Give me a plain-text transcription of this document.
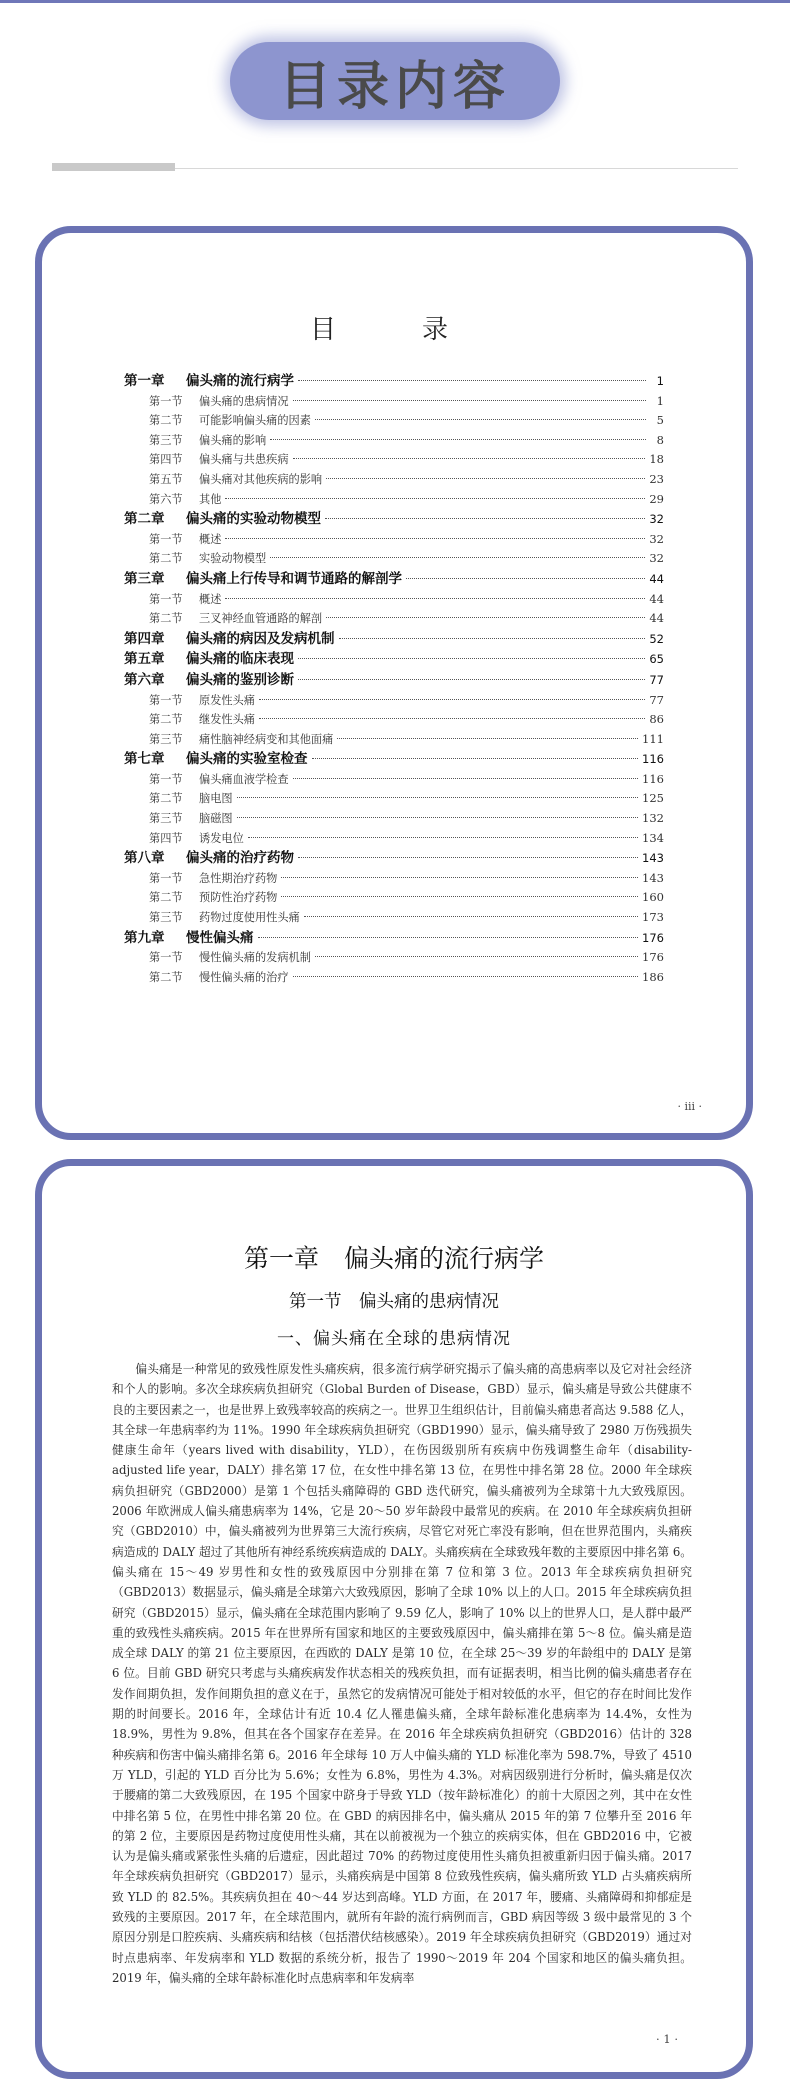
目录内容
目　录
第一章	偏头痛的流行病学	1
第一节	偏头痛的患病情况	1
第二节	可能影响偏头痛的因素	5
第三节	偏头痛的影响	8
第四节	偏头痛与共患疾病	18
第五节	偏头痛对其他疾病的影响	23
第六节	其他	29
第二章	偏头痛的实验动物模型	32
第一节	概述	32
第二节	实验动物模型	32
第三章	偏头痛上行传导和调节通路的解剖学	44
第一节	概述	44
第二节	三叉神经血管通路的解剖	44
第四章	偏头痛的病因及发病机制	52
第五章	偏头痛的临床表现	65
第六章	偏头痛的鉴别诊断	77
第一节	原发性头痛	77
第二节	继发性头痛	86
第三节	痛性脑神经病变和其他面痛	111
第七章	偏头痛的实验室检查	116
第一节	偏头痛血液学检查	116
第二节	脑电图	125
第三节	脑磁图	132
第四节	诱发电位	134
第八章	偏头痛的治疗药物	143
第一节	急性期治疗药物	143
第二节	预防性治疗药物	160
第三节	药物过度使用性头痛	173
第九章	慢性偏头痛	176
第一节	慢性偏头痛的发病机制	176
第二节	慢性偏头痛的治疗	186
· iii ·
第一章　偏头痛的流行病学
第一节　偏头痛的患病情况
一、偏头痛在全球的患病情况

偏头痛是一种常见的致残性原发性头痛疾病，很多流行病学研究揭示了偏头痛的高患病率以及它对社会经济和个人的影响。多次全球疾病负担研究（Global Burden of Disease，GBD）显示，偏头痛是导致公共健康不良的主要因素之一，也是世界上致残率较高的疾病之一。世界卫生组织估计，目前偏头痛患者高达 9.588 亿人，其全球一年患病率约为 11%。1990 年全球疾病负担研究（GBD1990）显示，偏头痛导致了 2980 万伤残损失健康生命年（years lived with disability，YLD），在伤因级别所有疾病中伤残调整生命年（disability-adjusted life year，DALY）排名第 17 位，在女性中排名第 13 位，在男性中排名第 28 位。2000 年全球疾病负担研究（GBD2000）是第 1 个包括头痛障碍的 GBD 迭代研究，偏头痛被列为全球第十九大致残原因。2006 年欧洲成人偏头痛患病率为 14%，它是 20～50 岁年龄段中最常见的疾病。在 2010 年全球疾病负担研究（GBD2010）中，偏头痛被列为世界第三大流行疾病，尽管它对死亡率没有影响，但在世界范围内，头痛疾病造成的 DALY 超过了其他所有神经系统疾病造成的 DALY。头痛疾病在全球致残年数的主要原因中排名第 6。偏头痛在 15～49 岁男性和女性的致残原因中分别排在第 7 位和第 3 位。2013 年全球疾病负担研究（GBD2013）数据显示，偏头痛是全球第六大致残原因，影响了全球 10% 以上的人口。2015 年全球疾病负担研究（GBD2015）显示，偏头痛在全球范围内影响了 9.59 亿人，影响了 10% 以上的世界人口，是人群中最严重的致残性头痛疾病。2015 年在世界所有国家和地区的主要致残原因中，偏头痛排在第 5～8 位。偏头痛是造成全球 DALY 的第 21 位主要原因，在西欧的 DALY 是第 10 位，在全球 25～39 岁的年龄组中的 DALY 是第 6 位。目前 GBD 研究只考虑与头痛疾病发作状态相关的残疾负担，而有证据表明，相当比例的偏头痛患者存在发作间期负担，发作间期负担的意义在于，虽然它的发病情况可能处于相对较低的水平，但它的存在时间比发作期的时间要长。2016 年，全球估计有近 10.4 亿人罹患偏头痛，全球年龄标准化患病率为 14.4%，女性为 18.9%，男性为 9.8%，但其在各个国家存在差异。在 2016 年全球疾病负担研究（GBD2016）估计的 328 种疾病和伤害中偏头痛排名第 6。2016 年全球每 10 万人中偏头痛的 YLD 标准化率为 598.7%，导致了 4510 万 YLD，引起的 YLD 百分比为 5.6%；女性为 6.8%，男性为 4.3%。对病因级别进行分析时，偏头痛是仅次于腰痛的第二大致残原因，在 195 个国家中跻身于导致 YLD（按年龄标准化）的前十大原因之列，其中在女性中排名第 5 位，在男性中排名第 20 位。在 GBD 的病因排名中，偏头痛从 2015 年的第 7 位攀升至 2016 年的第 2 位，主要原因是药物过度使用性头痛，其在以前被视为一个独立的疾病实体，但在 GBD2016 中，它被认为是偏头痛或紧张性头痛的后遗症，因此超过 70% 的药物过度使用性头痛负担被重新归因于偏头痛。2017 年全球疾病负担研究（GBD2017）显示，头痛疾病是中国第 8 位致残性疾病，偏头痛所致 YLD 占头痛疾病所致 YLD 的 82.5%。其疾病负担在 40～44 岁达到高峰。YLD 方面，在 2017 年，腰痛、头痛障碍和抑郁症是致残的主要原因。2017 年，在全球范围内，就所有年龄的流行病例而言，GBD 病因等级 3 级中最常见的 3 个原因分别是口腔疾病、头痛疾病和结核（包括潜伏结核感染）。2019 年全球疾病负担研究（GBD2019）通过对时点患病率、年发病率和 YLD 数据的系统分析，报告了 1990～2019 年 204 个国家和地区的偏头痛负担。2019 年，偏头痛的全球年龄标准化时点患病率和年发病率

· 1 ·
